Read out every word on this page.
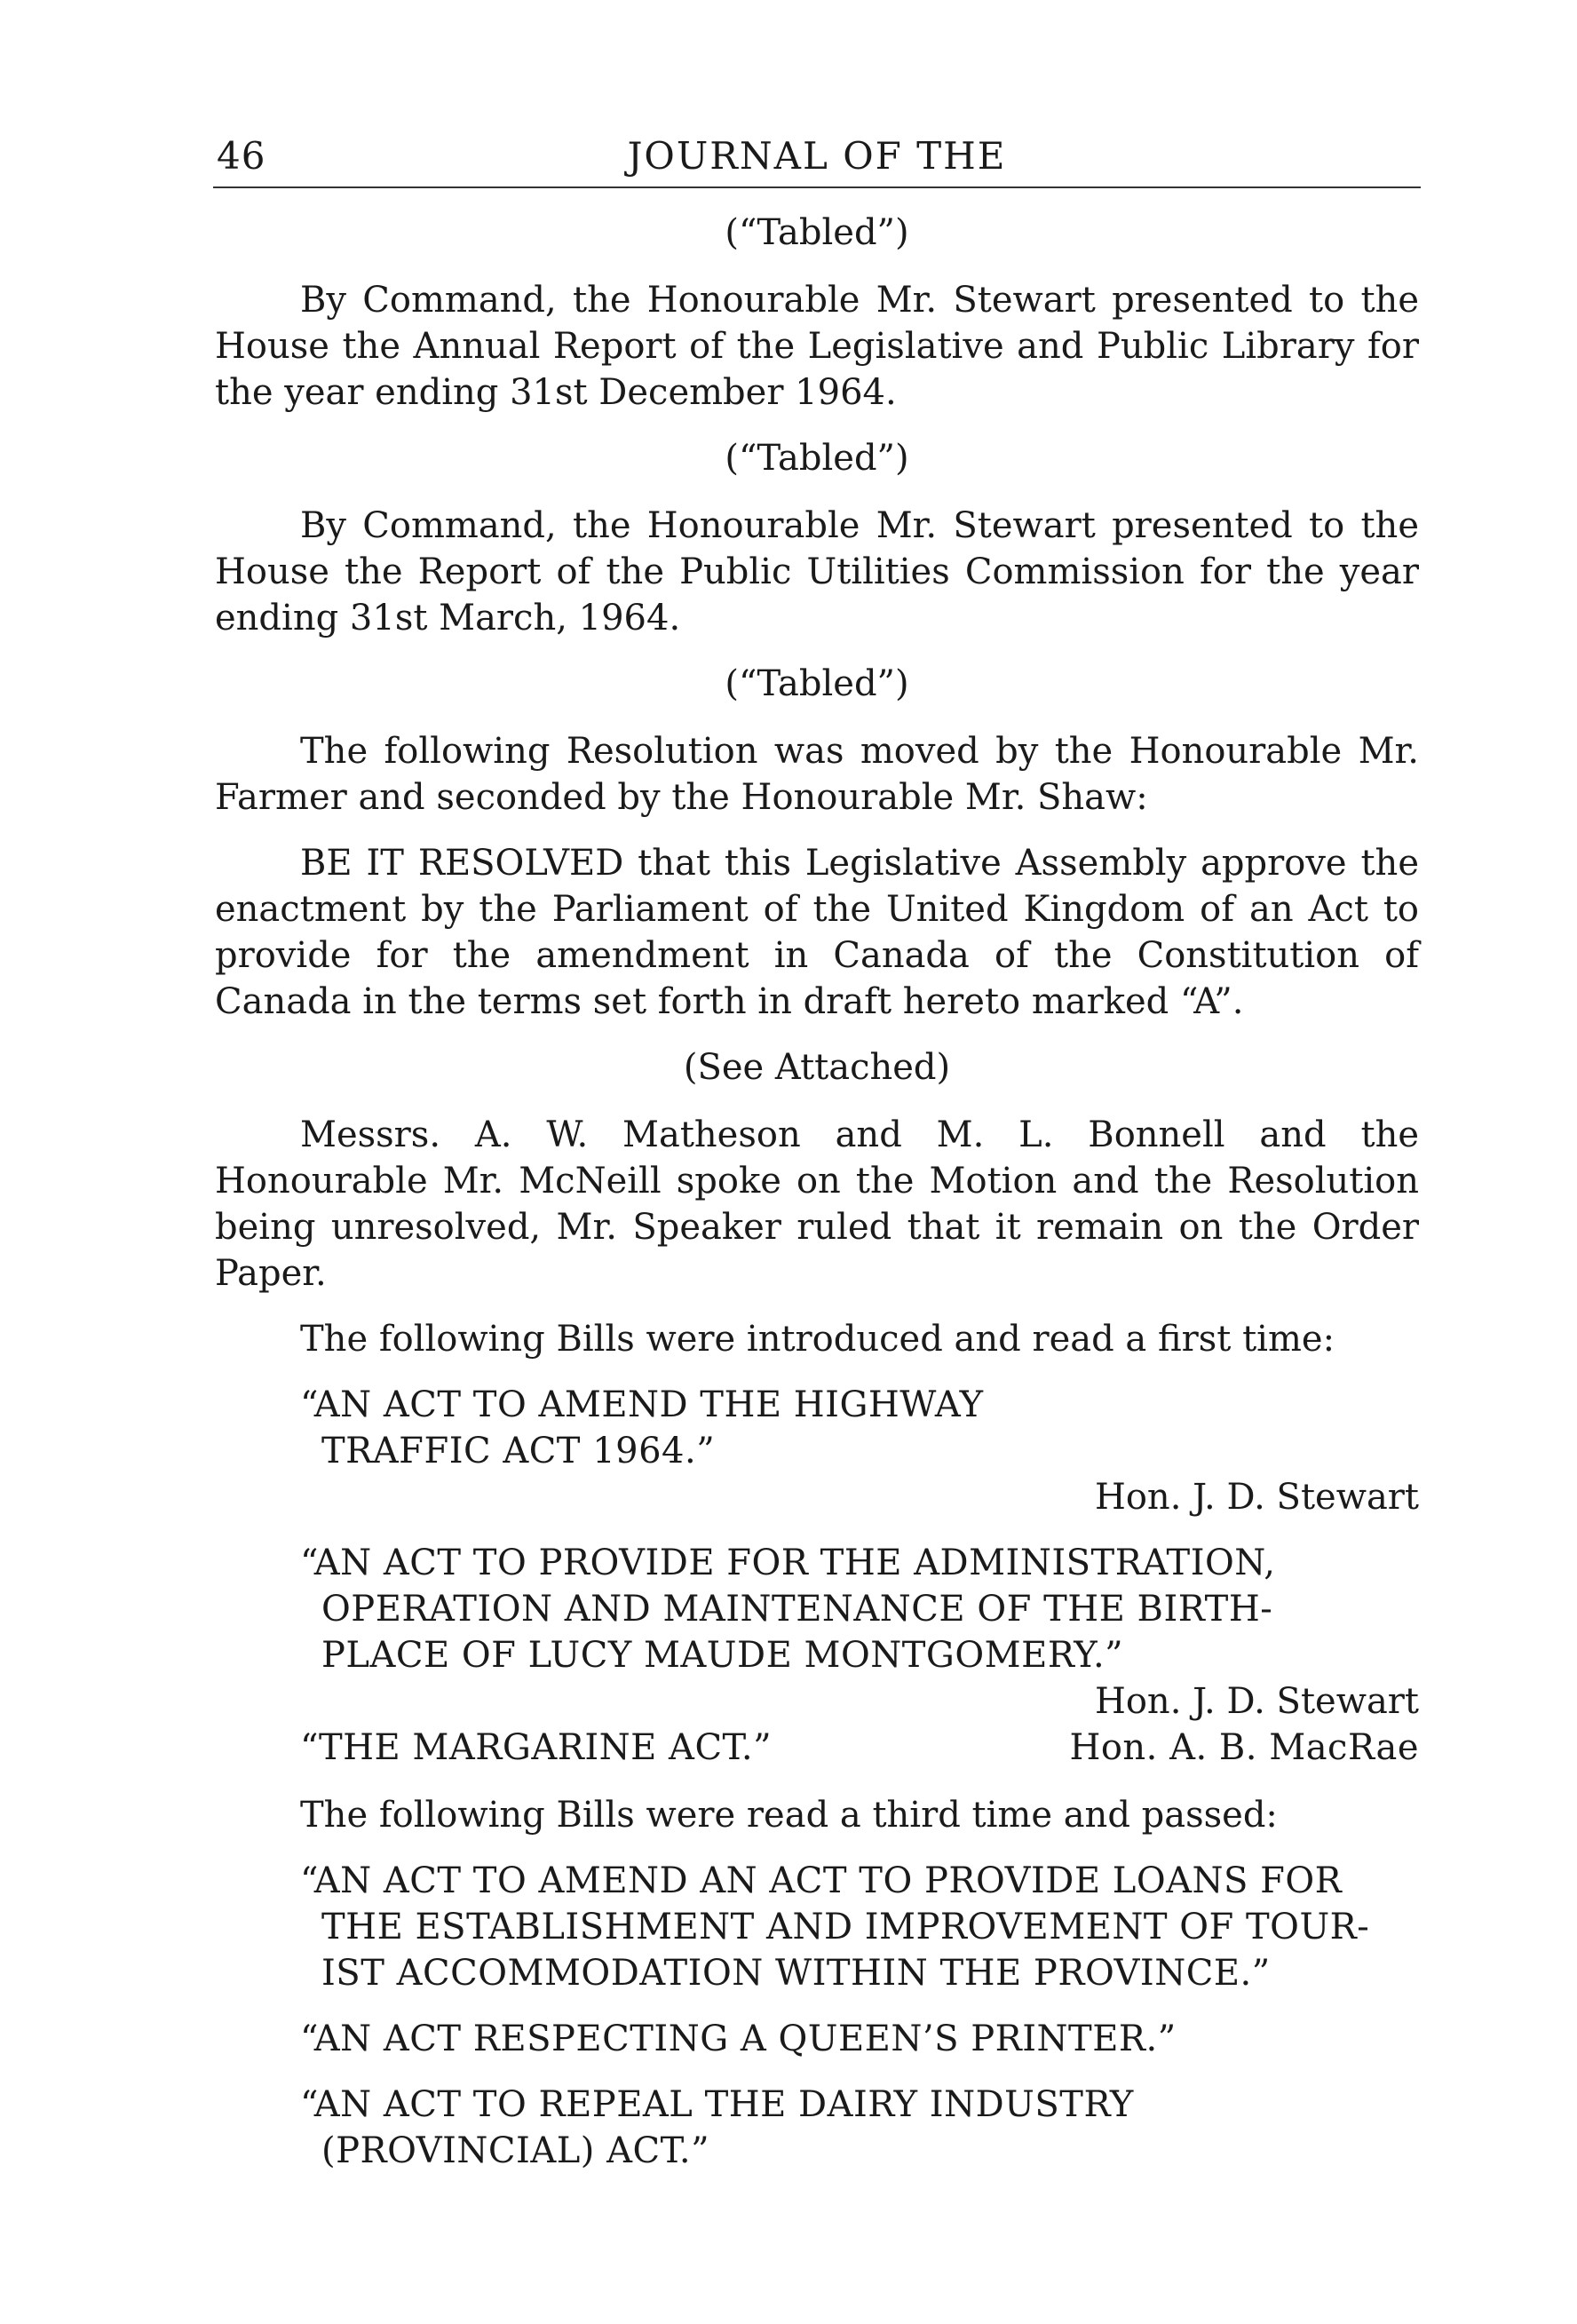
46	JOURNAL OF THE
(“Tabled”)

By Command, the Honourable Mr. Stewart presented to the House the Annual Report of the Legislative and Public Library for the year ending 31st December 1964.

(“Tabled”)

By Command, the Honourable Mr. Stewart presented to the House the Report of the Public Utilities Commission for the year ending 31st March, 1964.

(“Tabled”)

The following Resolution was moved by the Honourable Mr. Farmer and seconded by the Honourable Mr. Shaw:

BE IT RESOLVED that this Legislative Assembly approve the enactment by the Parliament of the United Kingdom of an Act to provide for the amendment in Canada of the Constitution of Canada in the terms set forth in draft hereto marked “A”.

(See Attached)

Messrs. A. W. Matheson and M. L. Bonnell and the Honourable Mr. McNeill spoke on the Motion and the Resolution being unresolved, Mr. Speaker ruled that it remain on the Order Paper.

The following Bills were introduced and read a first time:

“AN ACT TO AMEND THE HIGHWAY
TRAFFIC ACT 1964.”
Hon. J. D. Stewart
“AN ACT TO PROVIDE FOR THE ADMINISTRATION,
OPERATION AND MAINTENANCE OF THE BIRTH-
PLACE OF LUCY MAUDE MONTGOMERY.”
Hon. J. D. Stewart
“THE MARGARINE ACT.”	Hon. A. B. MacRae

The following Bills were read a third time and passed:

“AN ACT TO AMEND AN ACT TO PROVIDE LOANS FOR
THE ESTABLISHMENT AND IMPROVEMENT OF TOUR-
IST ACCOMMODATION WITHIN THE PROVINCE.”
“AN ACT RESPECTING A QUEEN’S PRINTER.”
“AN ACT TO REPEAL THE DAIRY INDUSTRY
(PROVINCIAL) ACT.”
